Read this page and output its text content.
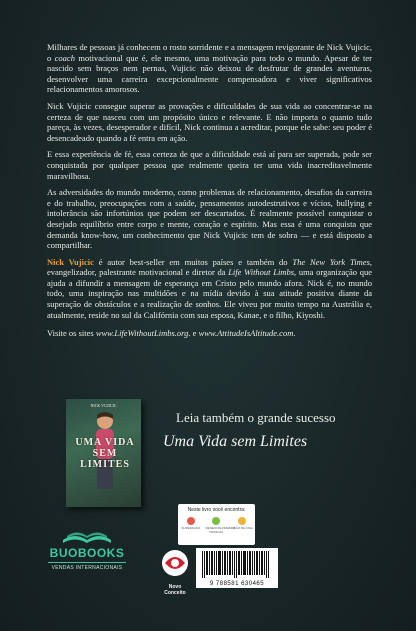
Milhares de pessoas já conhecem o rosto sorridente e a mensagem revigorante de Nick Vujicic, o coach motivacional que é, ele mesmo, uma motivação para todo o mundo. Apesar de ter nascido sem braços nem pernas, Vujicic não deixou de desfrutar de grandes aventuras, desenvolver uma carreira excepcionalmente compensadora e viver significativos relacionamentos amorosos.

Nick Vujicic consegue superar as provações e dificuldades de sua vida ao concentrar-se na certeza de que nasceu com um propósito único e relevante. E não importa o quanto tudo pareça, às vezes, desesperador e difícil, Nick continua a acreditar, porque ele sabe: seu poder é desencadeado quando a fé entra em ação.

E essa experiência de fé, essa certeza de que a dificuldade está aí para ser superada, pode ser conquistada por qualquer pessoa que realmente queira ter uma vida inacreditavelmente maravilhosa.

As adversidades do mundo moderno, como problemas de relacionamento, desafios da carreira e do trabalho, preocupações com a saúde, pensamentos autodestrutivos e vícios, bullying e intolerância são infortúnios que podem ser descartados. É realmente possível conquistar o desejado equilíbrio entre corpo e mente, coração e espírito. Mas essa é uma conquista que demanda know-how, um conhecimento que Nick Vujicic tem de sobra — e está disposto a compartilhar.

Nick Vujicic é autor best-seller em muitos países e também do The New York Times, evangelizador, palestrante motivacional e diretor da Life Without Limbs, uma organização que ajuda a difundir a mensagem de esperança em Cristo pelo mundo afora. Nick é, no mundo todo, uma inspiração nas multidões e na mídia devido à sua atitude positiva diante da superação de obstáculos e a realização de sonhos. Ele viveu por muito tempo na Austrália e, atualmente, reside no sul da Califórnia com sua esposa, Kanae, e o filho, Kiyoshi.

Visite os sites www.LifeWithoutLimbs.org. e www.AttitudeIsAltitude.com.

NICK VUJICIC
UMA VIDA SEM LIMITES
Leia também o grande sucesso
Uma Vida sem Limites
BUOBOOKS
VENDAS INTERNACIONAIS
Neste livro você encontra:
SUPERAÇÃO	DESENVOLVIMENTO PESSOAL
LIÇÃO DE VIDA
Novo Conceito
9 788581 630465
